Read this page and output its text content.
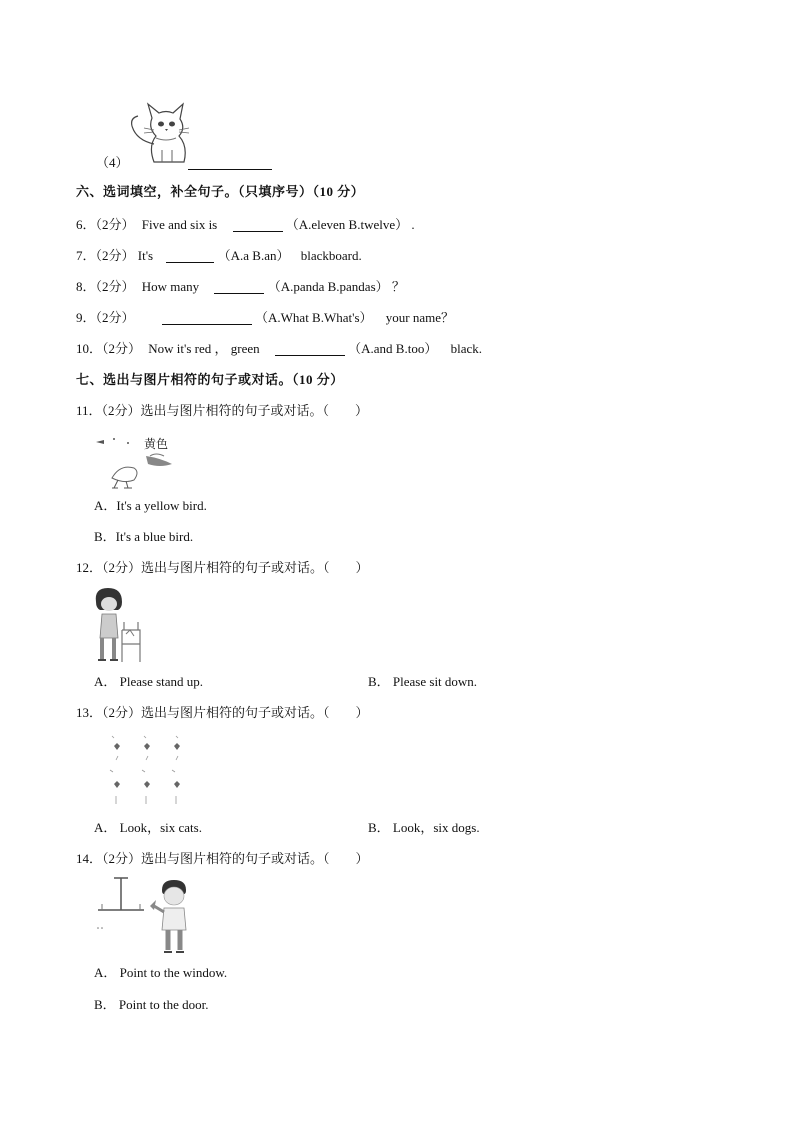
（4）
六、选词填空，补全句子。（只填序号）（10 分）
6．（2分） Five and six is	（A.eleven B.twelve） .
7．（2分） It's	（A.a B.an） blackboard.
8．（2分） How many	（A.panda B.pandas） ？
9．（2分）	（A.What B.What's） your name？
10．（2分） Now it's red ， green	（A.and B.too） black.
七、选出与图片相符的句子或对话。（10 分）
11．（2分）选出与图片相符的句子或对话。（　　）
黄色
A．It's a yellow bird.
B．It's a blue bird.
12．（2分）选出与图片相符的句子或对话。（　　）
A． Please stand up.	B． Please sit down.
13．（2分）选出与图片相符的句子或对话。（　　）
A． Look，six cats.	B． Look，six dogs.
14．（2分）选出与图片相符的句子或对话。（　　）
A． Point to the window.
B． Point to the door.
